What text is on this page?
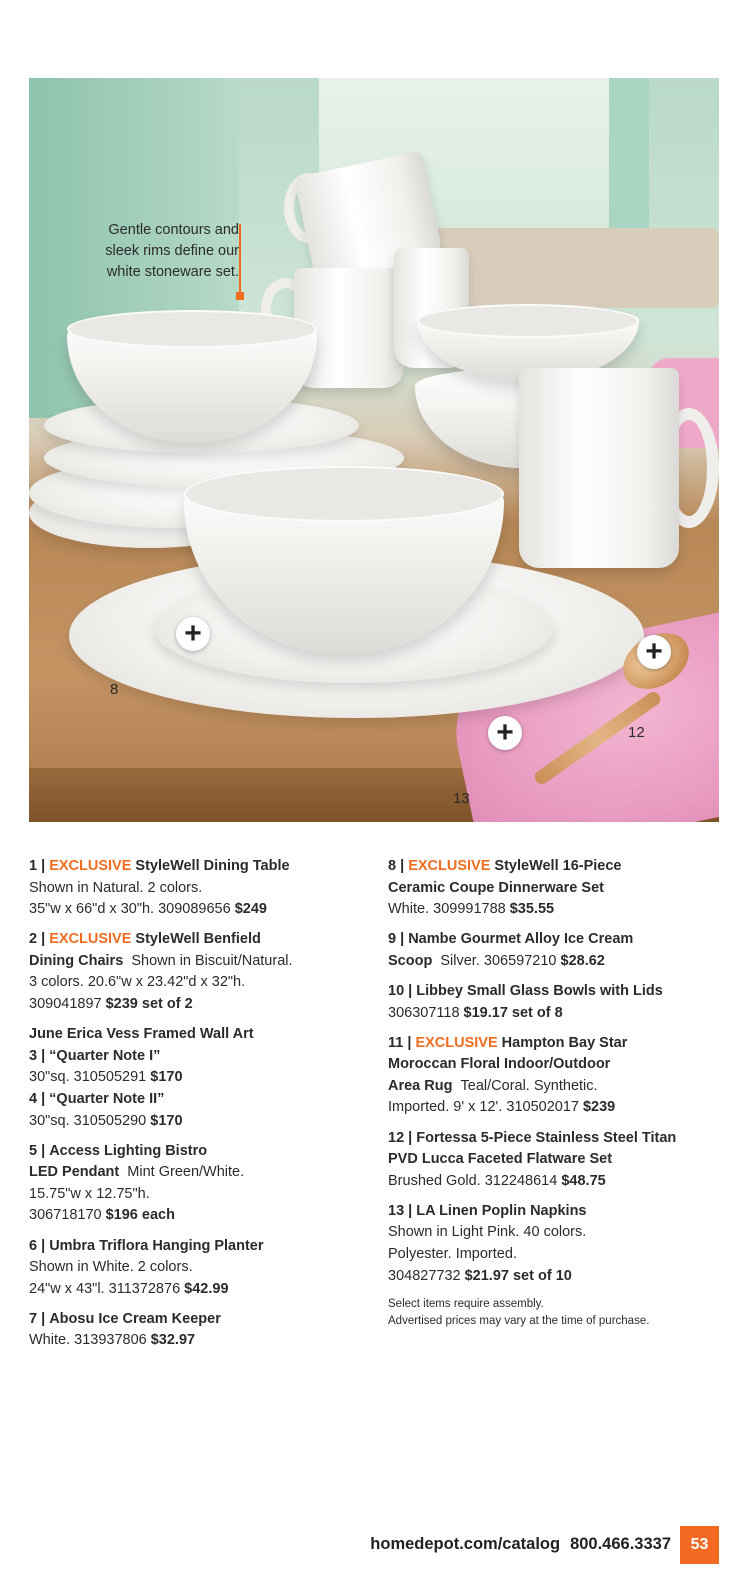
Gentle contours and sleek rims define our white stoneware set.
+
+
+
8
12
13
1 | EXCLUSIVE StyleWell Dining Table
Shown in Natural. 2 colors.
35"w x 66"d x 30"h. 309089656 $249
2 | EXCLUSIVE StyleWell Benfield
Dining Chairs Shown in Biscuit/Natural.
3 colors. 20.6"w x 23.42"d x 32"h.
309041897 $239 set of 2
June Erica Vess Framed Wall Art
3 | “Quarter Note I”
30"sq. 310505291 $170
4 | “Quarter Note II”
30"sq. 310505290 $170
5 | Access Lighting Bistro
LED Pendant Mint Green/White.
15.75"w x 12.75"h.
306718170 $196 each
6 | Umbra Triflora Hanging Planter
Shown in White. 2 colors.
24"w x 43"l. 311372876 $42.99
7 | Abosu Ice Cream Keeper
White. 313937806 $32.97
8 | EXCLUSIVE StyleWell 16-Piece
Ceramic Coupe Dinnerware Set
White. 309991788 $35.55
9 | Nambe Gourmet Alloy Ice Cream
Scoop Silver. 306597210 $28.62
10 | Libbey Small Glass Bowls with Lids
306307118 $19.17 set of 8
11 | EXCLUSIVE Hampton Bay Star
Moroccan Floral Indoor/Outdoor
Area Rug Teal/Coral. Synthetic.
Imported. 9' x 12'. 310502017 $239
12 | Fortessa 5-Piece Stainless Steel Titan
PVD Lucca Faceted Flatware Set
Brushed Gold. 312248614 $48.75
13 | LA Linen Poplin Napkins
Shown in Light Pink. 40 colors.
Polyester. Imported.
304827732 $21.97 set of 10
Select items require assembly.
Advertised prices may vary at the time of purchase.
homedepot.com/catalog 800.466.3337	53
